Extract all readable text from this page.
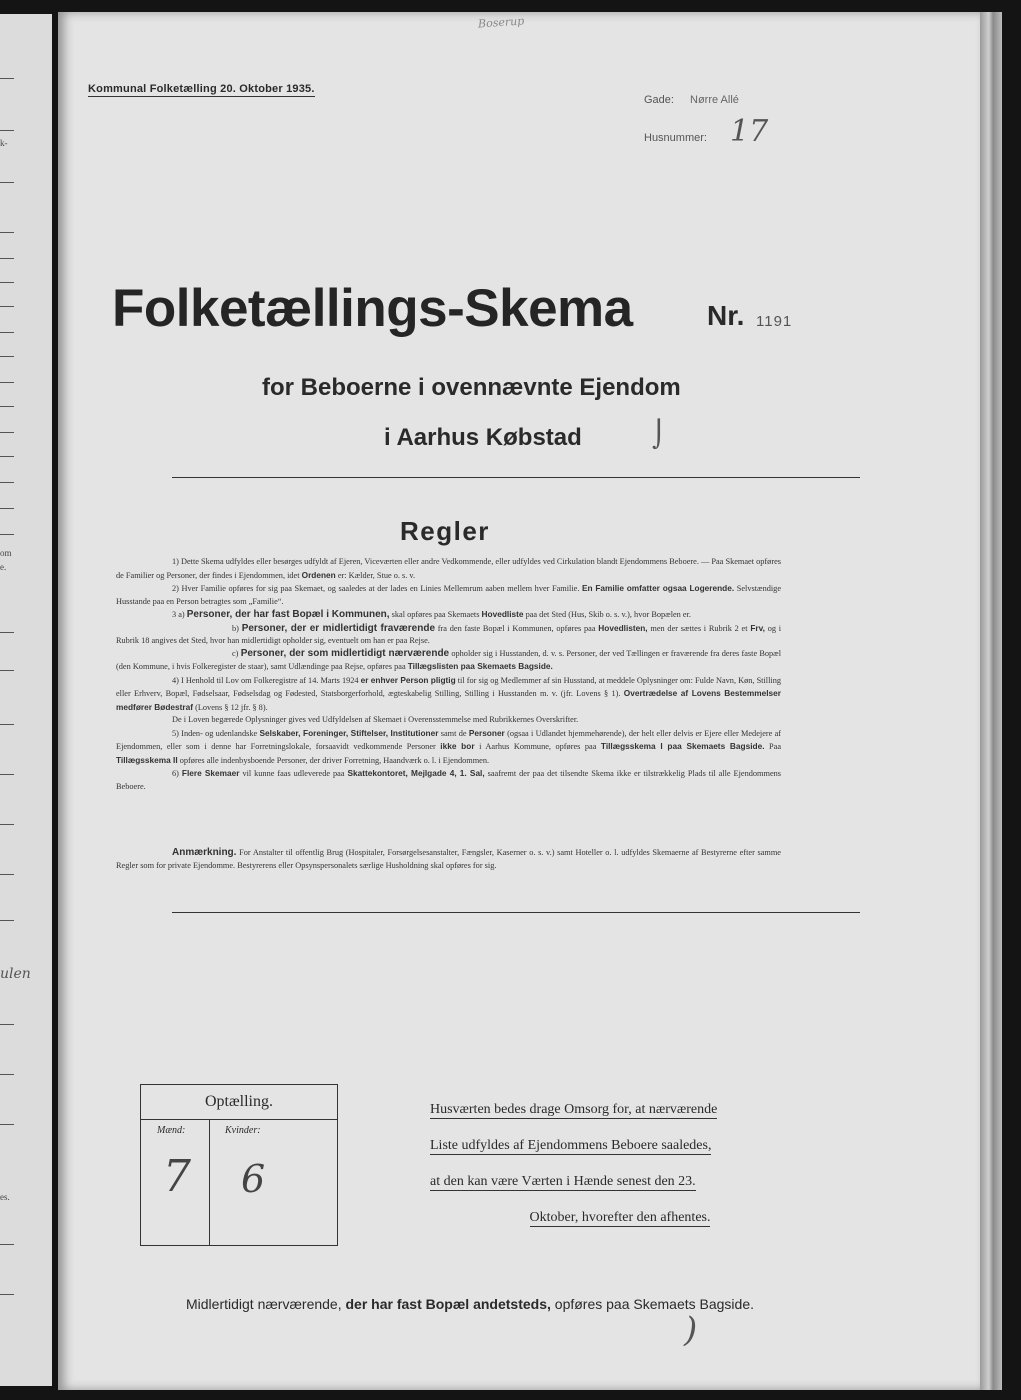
k-
om
e.
ulen
es.
Boserup
Kommunal Folketælling 20. Oktober 1935.
Gade: Nørre Allé
Husnummer: 17
Folketællings-Skema	Nr. 1191
for Beboerne i ovennævnte Ejendom
i Aarhus Købstad	⌡
Regler

1) Dette Skema udfyldes eller besørges udfyldt af Ejeren, Viceværten eller andre Vedkommende, eller udfyldes ved Cirkulation blandt Ejendommens Beboere. — Paa Skemaet opføres de Familier og Personer, der findes i Ejendommen, idet Ordenen er: Kælder, Stue o. s. v.

2) Hver Familie opføres for sig paa Skemaet, og saaledes at der lades en Linies Mellemrum aaben mellem hver Familie. En Familie omfatter ogsaa Logerende. Selvstændige Husstande paa en Person betragtes som „Familie“.

3 a) Personer, der har fast Bopæl i Kommunen, skal opføres paa Skemaets Hovedliste paa det Sted (Hus, Skib o. s. v.), hvor Bopælen er.

b) Personer, der er midlertidigt fraværende fra den faste Bopæl i Kommunen, opføres paa Hovedlisten, men der sættes i Rubrik 2 et Frv, og i Rubrik 18 angives det Sted, hvor han midlertidigt opholder sig, eventuelt om han er paa Rejse.

c) Personer, der som midlertidigt nærværende opholder sig i Husstanden, d. v. s. Personer, der ved Tællingen er fraværende fra deres faste Bopæl (den Kommune, i hvis Folkeregister de staar), samt Udlændinge paa Rejse, opføres paa Tillægslisten paa Skemaets Bagside.

4) I Henhold til Lov om Folkeregistre af 14. Marts 1924 er enhver Person pligtig til for sig og Medlemmer af sin Husstand, at meddele Oplysninger om: Fulde Navn, Køn, Stilling eller Erhverv, Bopæl, Fødselsaar, Fødselsdag og Fødested, Statsborgerforhold, ægteskabelig Stilling, Stilling i Husstanden m. v. (jfr. Lovens § 1). Overtrædelse af Lovens Bestemmelser medfører Bødestraf (Lovens § 12 jfr. § 8).

De i Loven begærede Oplysninger gives ved Udfyldelsen af Skemaet i Overensstemmelse med Rubrikkernes Overskrifter.

5) Inden- og udenlandske Selskaber, Foreninger, Stiftelser, Institutioner samt de Personer (ogsaa i Udlandet hjemmehørende), der helt eller delvis er Ejere eller Medejere af Ejendommen, eller som i denne har Forretningslokale, forsaavidt vedkommende Personer ikke bor i Aarhus Kommune, opføres paa Tillægsskema I paa Skemaets Bagside. Paa Tillægsskema II opføres alle indenbysboende Personer, der driver Forretning, Haandværk o. l. i Ejendommen.

6) Flere Skemaer vil kunne faas udleverede paa Skattekontoret, Mejlgade 4, 1. Sal, saafremt der paa det tilsendte Skema ikke er tilstrækkelig Plads til alle Ejendommens Beboere.

Anmærkning. For Anstalter til offentlig Brug (Hospitaler, Forsørgelsesanstalter, Fængsler, Kaserner o. s. v.) samt Hoteller o. l. udfyldes Skemaerne af Bestyrerne efter samme Regler som for private Ejendomme. Bestyrerens eller Opsynspersonalets særlige Husholdning skal opføres for sig.

Optælling.
Mænd:	Kvinder:
7 6
Husværten bedes drage Omsorg for, at nærværende
Liste udfyldes af Ejendommens Beboere saaledes,
at den kan være Værten i Hænde senest den 23.
Oktober, hvorefter den afhentes.
Midlertidigt nærværende, der har fast Bopæl andetsteds, opføres paa Skemaets Bagside.
)
